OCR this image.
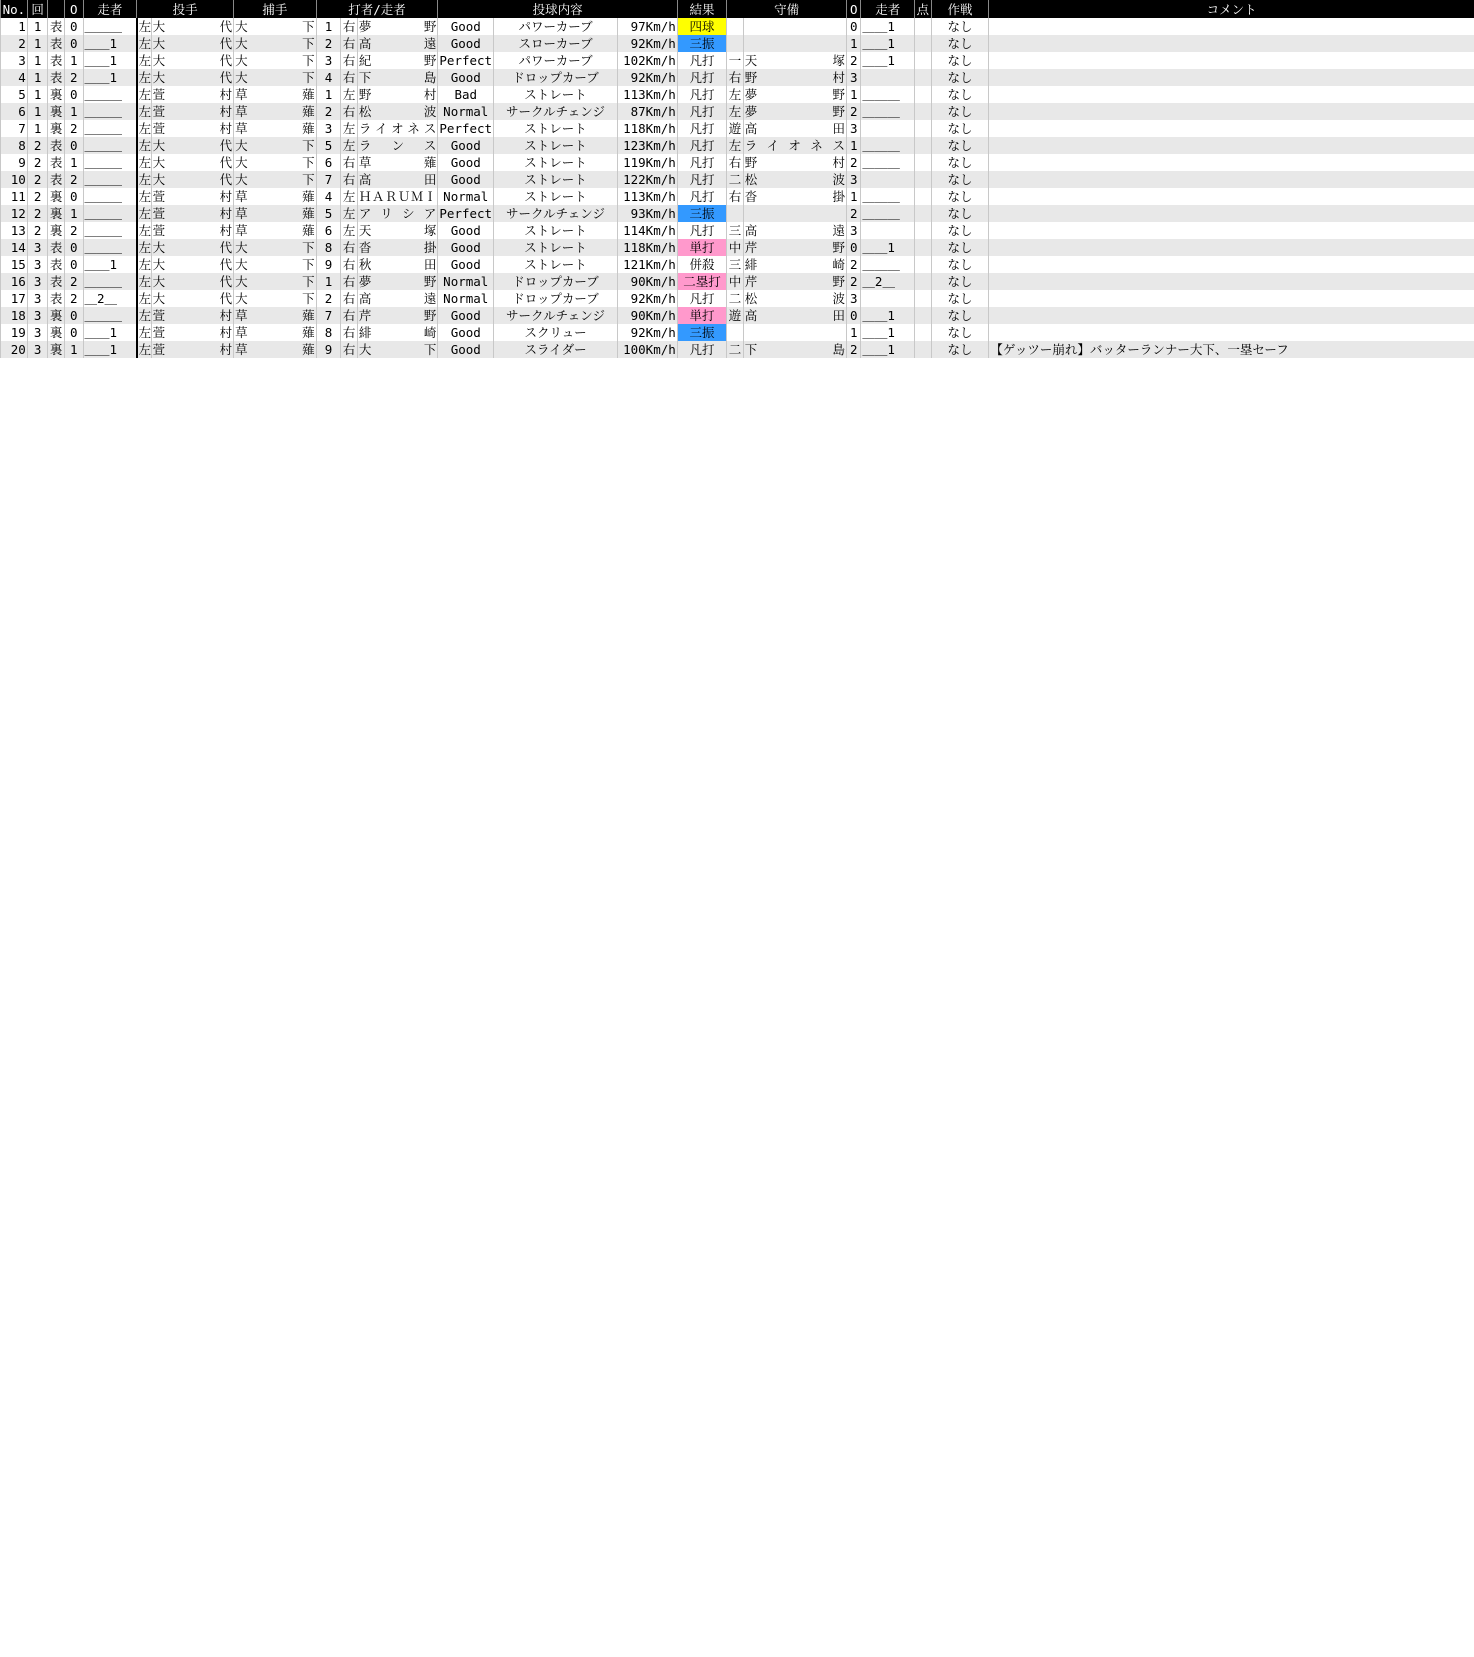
No.	回		O	走者	投手		捕手	打者/走者			投球内容			結果	守備		O	走者	点	作戦	コメント
1	1	表	0	＿＿＿	左	大代	大下	1	右	夢野	Good	パワーカーブ	97Km/h	四球			0	＿＿1		なし	
2	1	表	0	＿＿1	左	大代	大下	2	右	高遠	Good	スローカーブ	92Km/h	三振			1	＿＿1		なし	
3	1	表	1	＿＿1	左	大代	大下	3	右	紀野	Perfect	パワーカーブ	102Km/h	凡打	一	天塚	2	＿＿1		なし	
4	1	表	2	＿＿1	左	大代	大下	4	右	下島	Good	ドロップカーブ	92Km/h	凡打	右	野村	3			なし	
5	1	裏	0	＿＿＿	左	萱村	草薙	1	左	野村	Bad	ストレート	113Km/h	凡打	左	夢野	1	＿＿＿		なし	
6	1	裏	1	＿＿＿	左	萱村	草薙	2	右	松波	Normal	サークルチェンジ	87Km/h	凡打	左	夢野	2	＿＿＿		なし	
7	1	裏	2	＿＿＿	左	萱村	草薙	3	左	ライオネス	Perfect	ストレート	118Km/h	凡打	遊	高田	3			なし	
8	2	表	0	＿＿＿	左	大代	大下	5	左	ランス	Good	ストレート	123Km/h	凡打	左	ライオネス	1	＿＿＿		なし	
9	2	表	1	＿＿＿	左	大代	大下	6	右	草薙	Good	ストレート	119Km/h	凡打	右	野村	2	＿＿＿		なし	
10	2	表	2	＿＿＿	左	大代	大下	7	右	高田	Good	ストレート	122Km/h	凡打	二	松波	3			なし	
11	2	裏	0	＿＿＿	左	萱村	草薙	4	左	ＨＡＲＵＭＩ	Normal	ストレート	113Km/h	凡打	右	沓掛	1	＿＿＿		なし	
12	2	裏	1	＿＿＿	左	萱村	草薙	5	左	アリシア	Perfect	サークルチェンジ	93Km/h	三振			2	＿＿＿		なし	
13	2	裏	2	＿＿＿	左	萱村	草薙	6	左	天塚	Good	ストレート	114Km/h	凡打	三	高遠	3			なし	
14	3	表	0	＿＿＿	左	大代	大下	8	右	沓掛	Good	ストレート	118Km/h	単打	中	芹野	0	＿＿1		なし	
15	3	表	0	＿＿1	左	大代	大下	9	右	秋田	Good	ストレート	121Km/h	併殺	三	緋崎	2	＿＿＿		なし	
16	3	表	2	＿＿＿	左	大代	大下	1	右	夢野	Normal	ドロップカーブ	90Km/h	二塁打	中	芹野	2	＿2＿		なし	
17	3	表	2	＿2＿	左	大代	大下	2	右	高遠	Normal	ドロップカーブ	92Km/h	凡打	二	松波	3			なし	
18	3	裏	0	＿＿＿	左	萱村	草薙	7	右	芹野	Good	サークルチェンジ	90Km/h	単打	遊	高田	0	＿＿1		なし	
19	3	裏	0	＿＿1	左	萱村	草薙	8	右	緋崎	Good	スクリュー	92Km/h	三振			1	＿＿1		なし	
20	3	裏	1	＿＿1	左	萱村	草薙	9	右	大下	Good	スライダー	100Km/h	凡打	二	下島	2	＿＿1		なし	【ゲッツー崩れ】バッターランナー大下、一塁セーフ
